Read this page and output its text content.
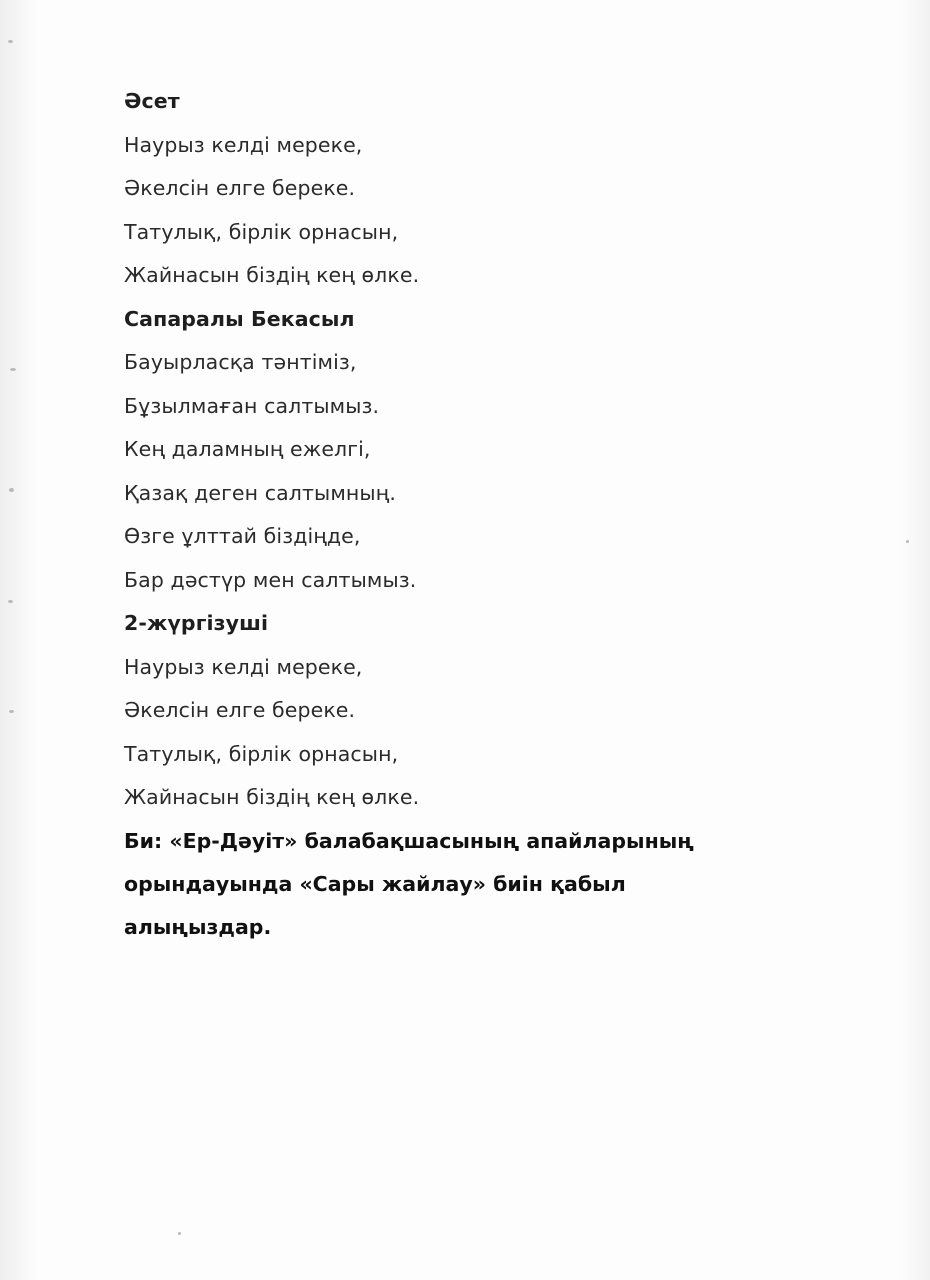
Әсет
Наурыз келді мереке,
Әкелсін елге береке.
Татулық, бірлік орнасын,
Жайнасын біздің кең өлке.
Сапаралы Бекасыл
Бауырласқа тәнтіміз,
Бұзылмаған салтымыз.
Кең даламның ежелгі,
Қазақ деген салтымның.
Өзге ұлттай біздіңде,
Бар дәстүр мен салтымыз.
2-жүргізуші
Наурыз келді мереке,
Әкелсін елге береке.
Татулық, бірлік орнасын,
Жайнасын біздің кең өлке.
Би: «Ер-Дәуіт» балабақшасының апайларының
орындауында «Сары жайлау» биін қабыл
алыңыздар.
